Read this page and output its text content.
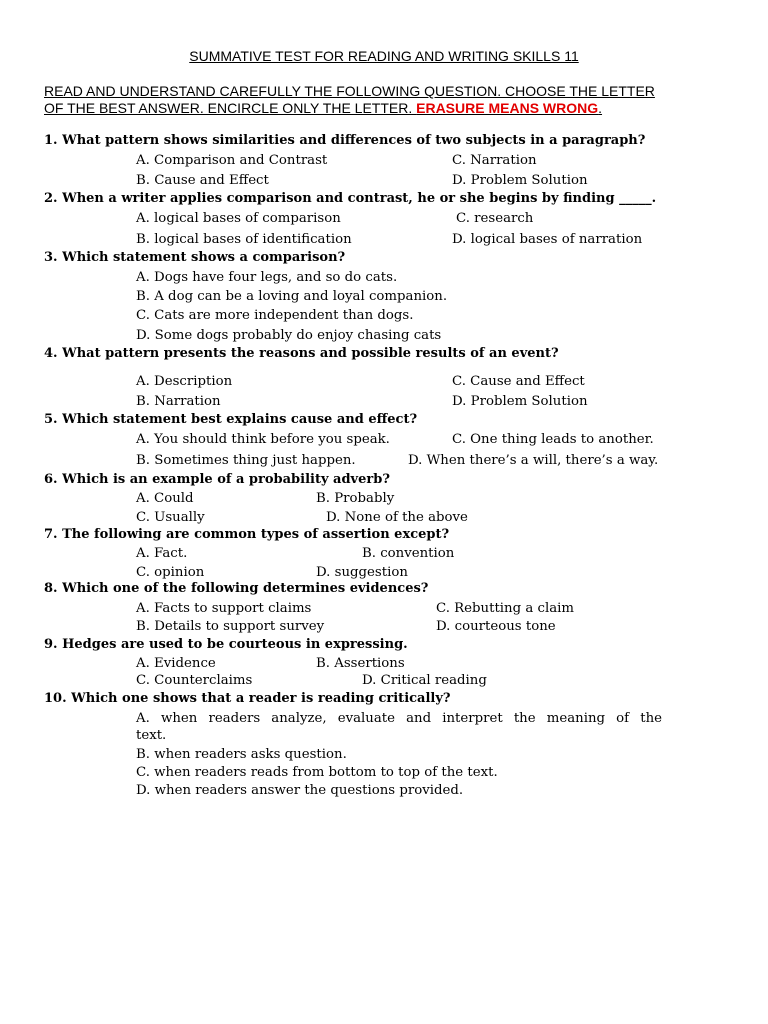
SUMMATIVE TEST FOR READING AND WRITING SKILLS 11
READ AND UNDERSTAND CAREFULLY THE FOLLOWING QUESTION. CHOOSE THE LETTER
OF THE BEST ANSWER. ENCIRCLE ONLY THE LETTER. ERASURE MEANS WRONG.
1. What pattern shows similarities and differences of two subjects in a paragraph?
A. Comparison and Contrast	C. Narration
B. Cause and Effect	D. Problem Solution
2. When a writer applies comparison and contrast, he or she begins by finding _____.
A. logical bases of comparison	C. research
B. logical bases of identification	D. logical bases of narration
3. Which statement shows a comparison?
A. Dogs have four legs, and so do cats.
B. A dog can be a loving and loyal companion.
C. Cats are more independent than dogs.
D. Some dogs probably do enjoy chasing cats
4. What pattern presents the reasons and possible results of an event?
A. Description	C. Cause and Effect
B. Narration	D. Problem Solution
5. Which statement best explains cause and effect?
A. You should think before you speak.	C. One thing leads to another.
B. Sometimes thing just happen.	D. When there’s a will, there’s a way.
6. Which is an example of a probability adverb?
A. Could	B. Probably
C. Usually	D. None of the above
7. The following are common types of assertion except?
A. Fact.	B. convention
C. opinion	D. suggestion
8. Which one of the following determines evidences?
A. Facts to support claims	C. Rebutting a claim
B. Details to support survey	D. courteous tone
9. Hedges are used to be courteous in expressing.
A. Evidence	B. Assertions
C. Counterclaims	D. Critical reading
10. Which one shows that a reader is reading critically?
A. when readers analyze, evaluate and interpret the meaning of the
text.
B. when readers asks question.
C. when readers reads from bottom to top of the text.
D. when readers answer the questions provided.
